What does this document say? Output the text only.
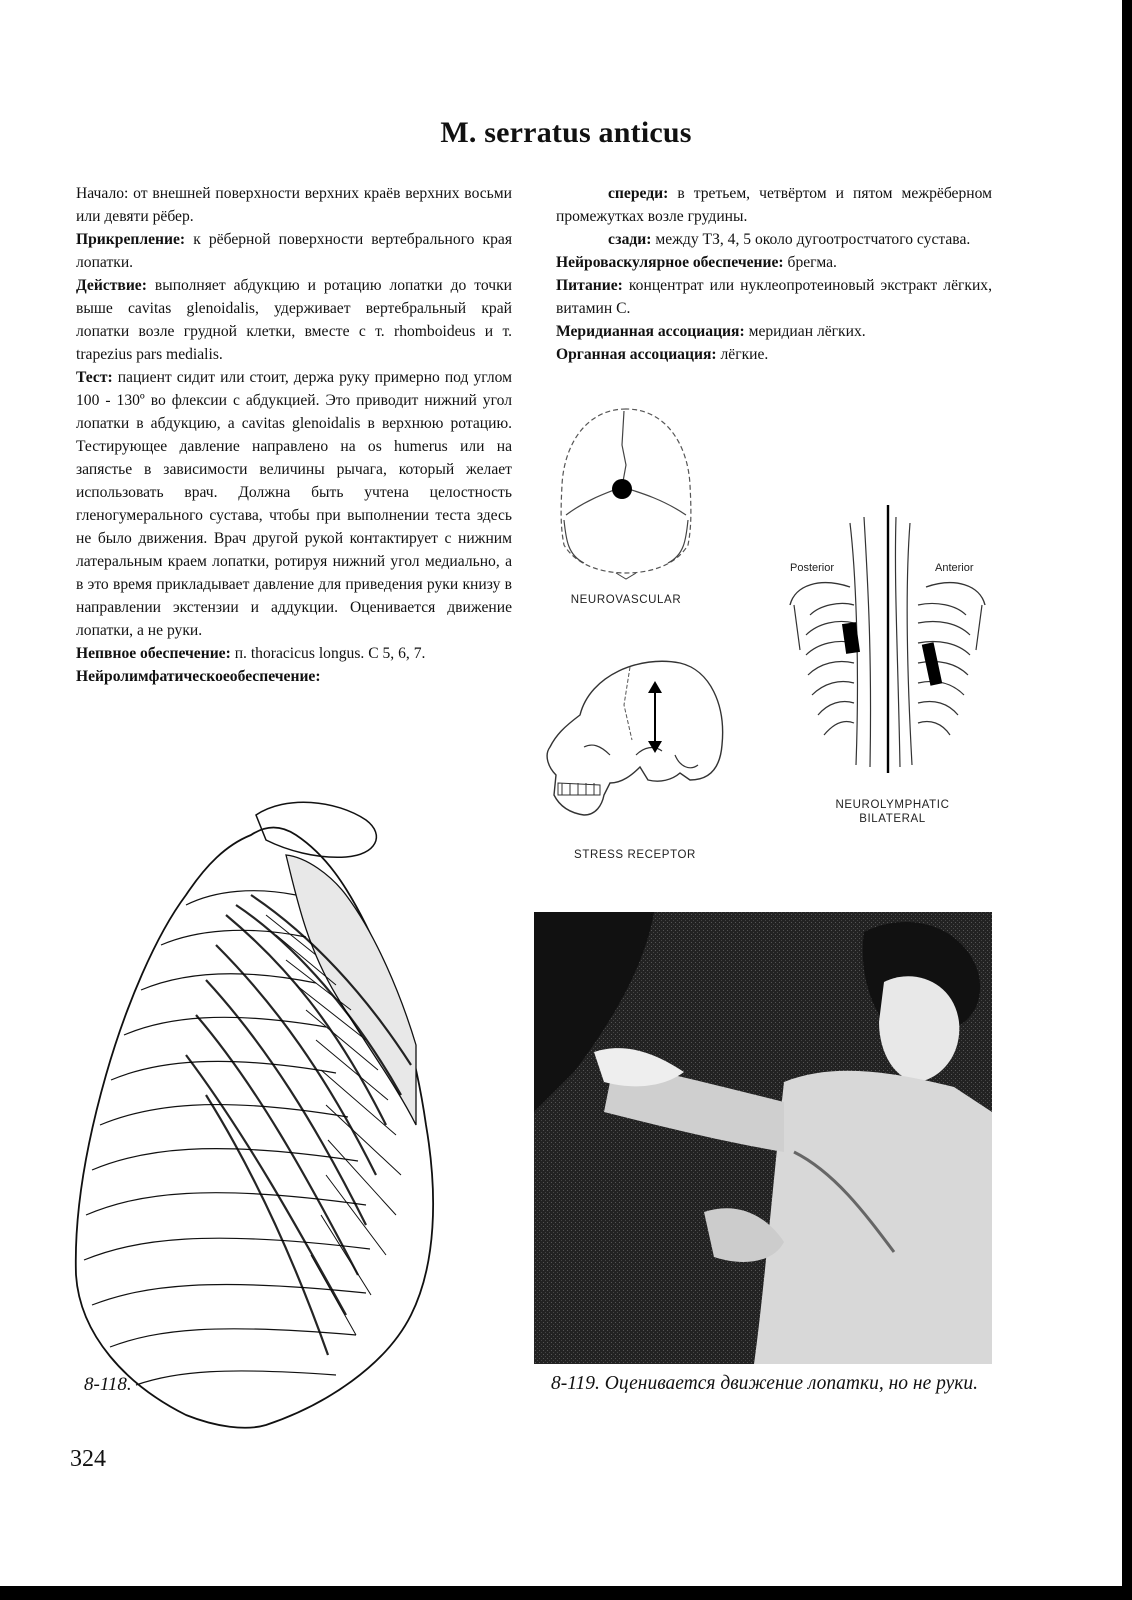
M. serratus anticus

Начало: от внешней поверхности верхних краёв верхних восьми или девяти рёбер.

Прикрепление: к рёберной поверхности вертебрального края лопатки.

Действие: выполняет абдукцию и ротацию лопатки до точки выше cavitas glenoidalis, удерживает вертебральный край лопатки возле грудной клетки, вместе с т. rhomboideus и т. trapezius pars medialis.

Тест: пациент сидит или стоит, держа руку примерно под углом 100 - 130º во флексии с абдукцией. Это приводит нижний угол лопатки в абдукцию, а cavitas glenoidalis в верхнюю ротацию. Тестирующее давление направлено на os humerus или на запястье в зависимости величины рычага, который желает использовать врач. Должна быть учтена целостность гленогумерального сустава, чтобы при выполнении теста здесь не было движения. Врач другой рукой контактирует с нижним латеральным краем лопатки, ротируя нижний угол медиально, а в это время прикладывает давление для приведения руки книзу в направлении экстензии и аддукции. Оценивается движение лопатки, а не руки.

Непвное обеспечение: п. thoracicus longus. С 5, 6, 7.

Нейролимфатическоеобеспечение:

спереди: в третьем, четвёртом и пятом межрёберном промежутках возле грудины.

сзади: между ТЗ, 4, 5 около дугоотростчатого сустава.

Нейроваскулярное обеспечение: брегма.

Питание: концентрат или нуклеопротеиновый экстракт лёгких, витамин С.

Меридианная ассоциация: меридиан лёгких.

Органная ассоциация: лёгкие.

NEUROVASCULAR
STRESS RECEPTOR
Posterior	Anterior
NEUROLYMPHATIC
BILATERAL
8-118.	8-119. Оценивается движение лопатки, но не руки.
324
